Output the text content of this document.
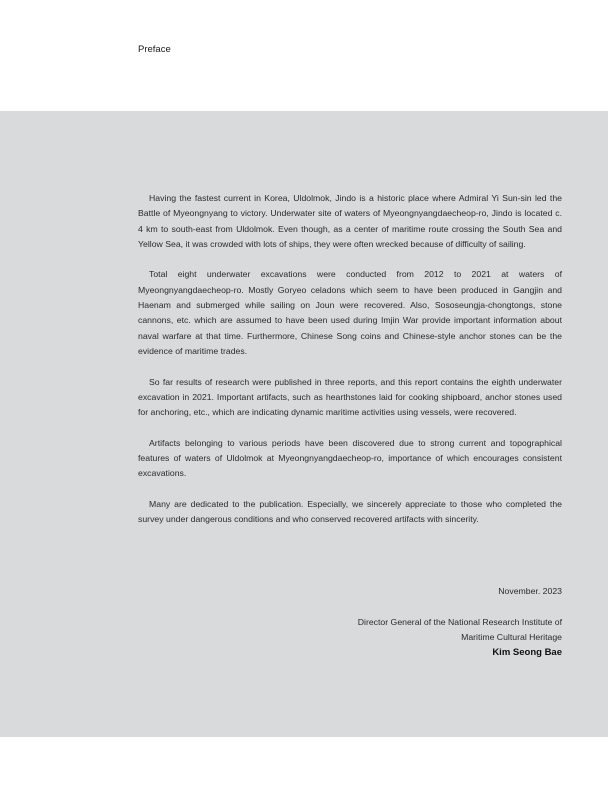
Preface

Having the fastest current in Korea, Uldolmok, Jindo is a historic place where Admiral Yi Sun-sin led the Battle of Myeongnyang to victory. Underwater site of waters of Myeongnyangdaecheop-ro, Jindo is located c. 4 km to south-east from Uldolmok. Even though, as a center of maritime route crossing the South Sea and Yellow Sea, it was crowded with lots of ships, they were often wrecked because of difficulty of sailing.

Total eight underwater excavations were conducted from 2012 to 2021 at waters of Myeongnyangdaecheop-ro. Mostly Goryeo celadons which seem to have been produced in Gangjin and Haenam and submerged while sailing on Joun were recovered. Also, Sososeungja-chongtongs, stone cannons, etc. which are assumed to have been used during Imjin War provide important information about naval warfare at that time. Furthermore, Chinese Song coins and Chinese-style anchor stones can be the evidence of maritime trades.

So far results of research were published in three reports, and this report contains the eighth underwater excavation in 2021. Important artifacts, such as hearthstones laid for cooking shipboard, anchor stones used for anchoring, etc., which are indicating dynamic maritime activities using vessels, were recovered.

Artifacts belonging to various periods have been discovered due to strong current and topographical features of waters of Uldolmok at Myeongnyangdaecheop-ro, importance of which encourages consistent excavations.

Many are dedicated to the publication. Especially, we sincerely appreciate to those who completed the survey under dangerous conditions and who conserved recovered artifacts with sincerity.

November. 2023
Director General of the National Research Institute of
Maritime Cultural Heritage
Kim Seong Bae
